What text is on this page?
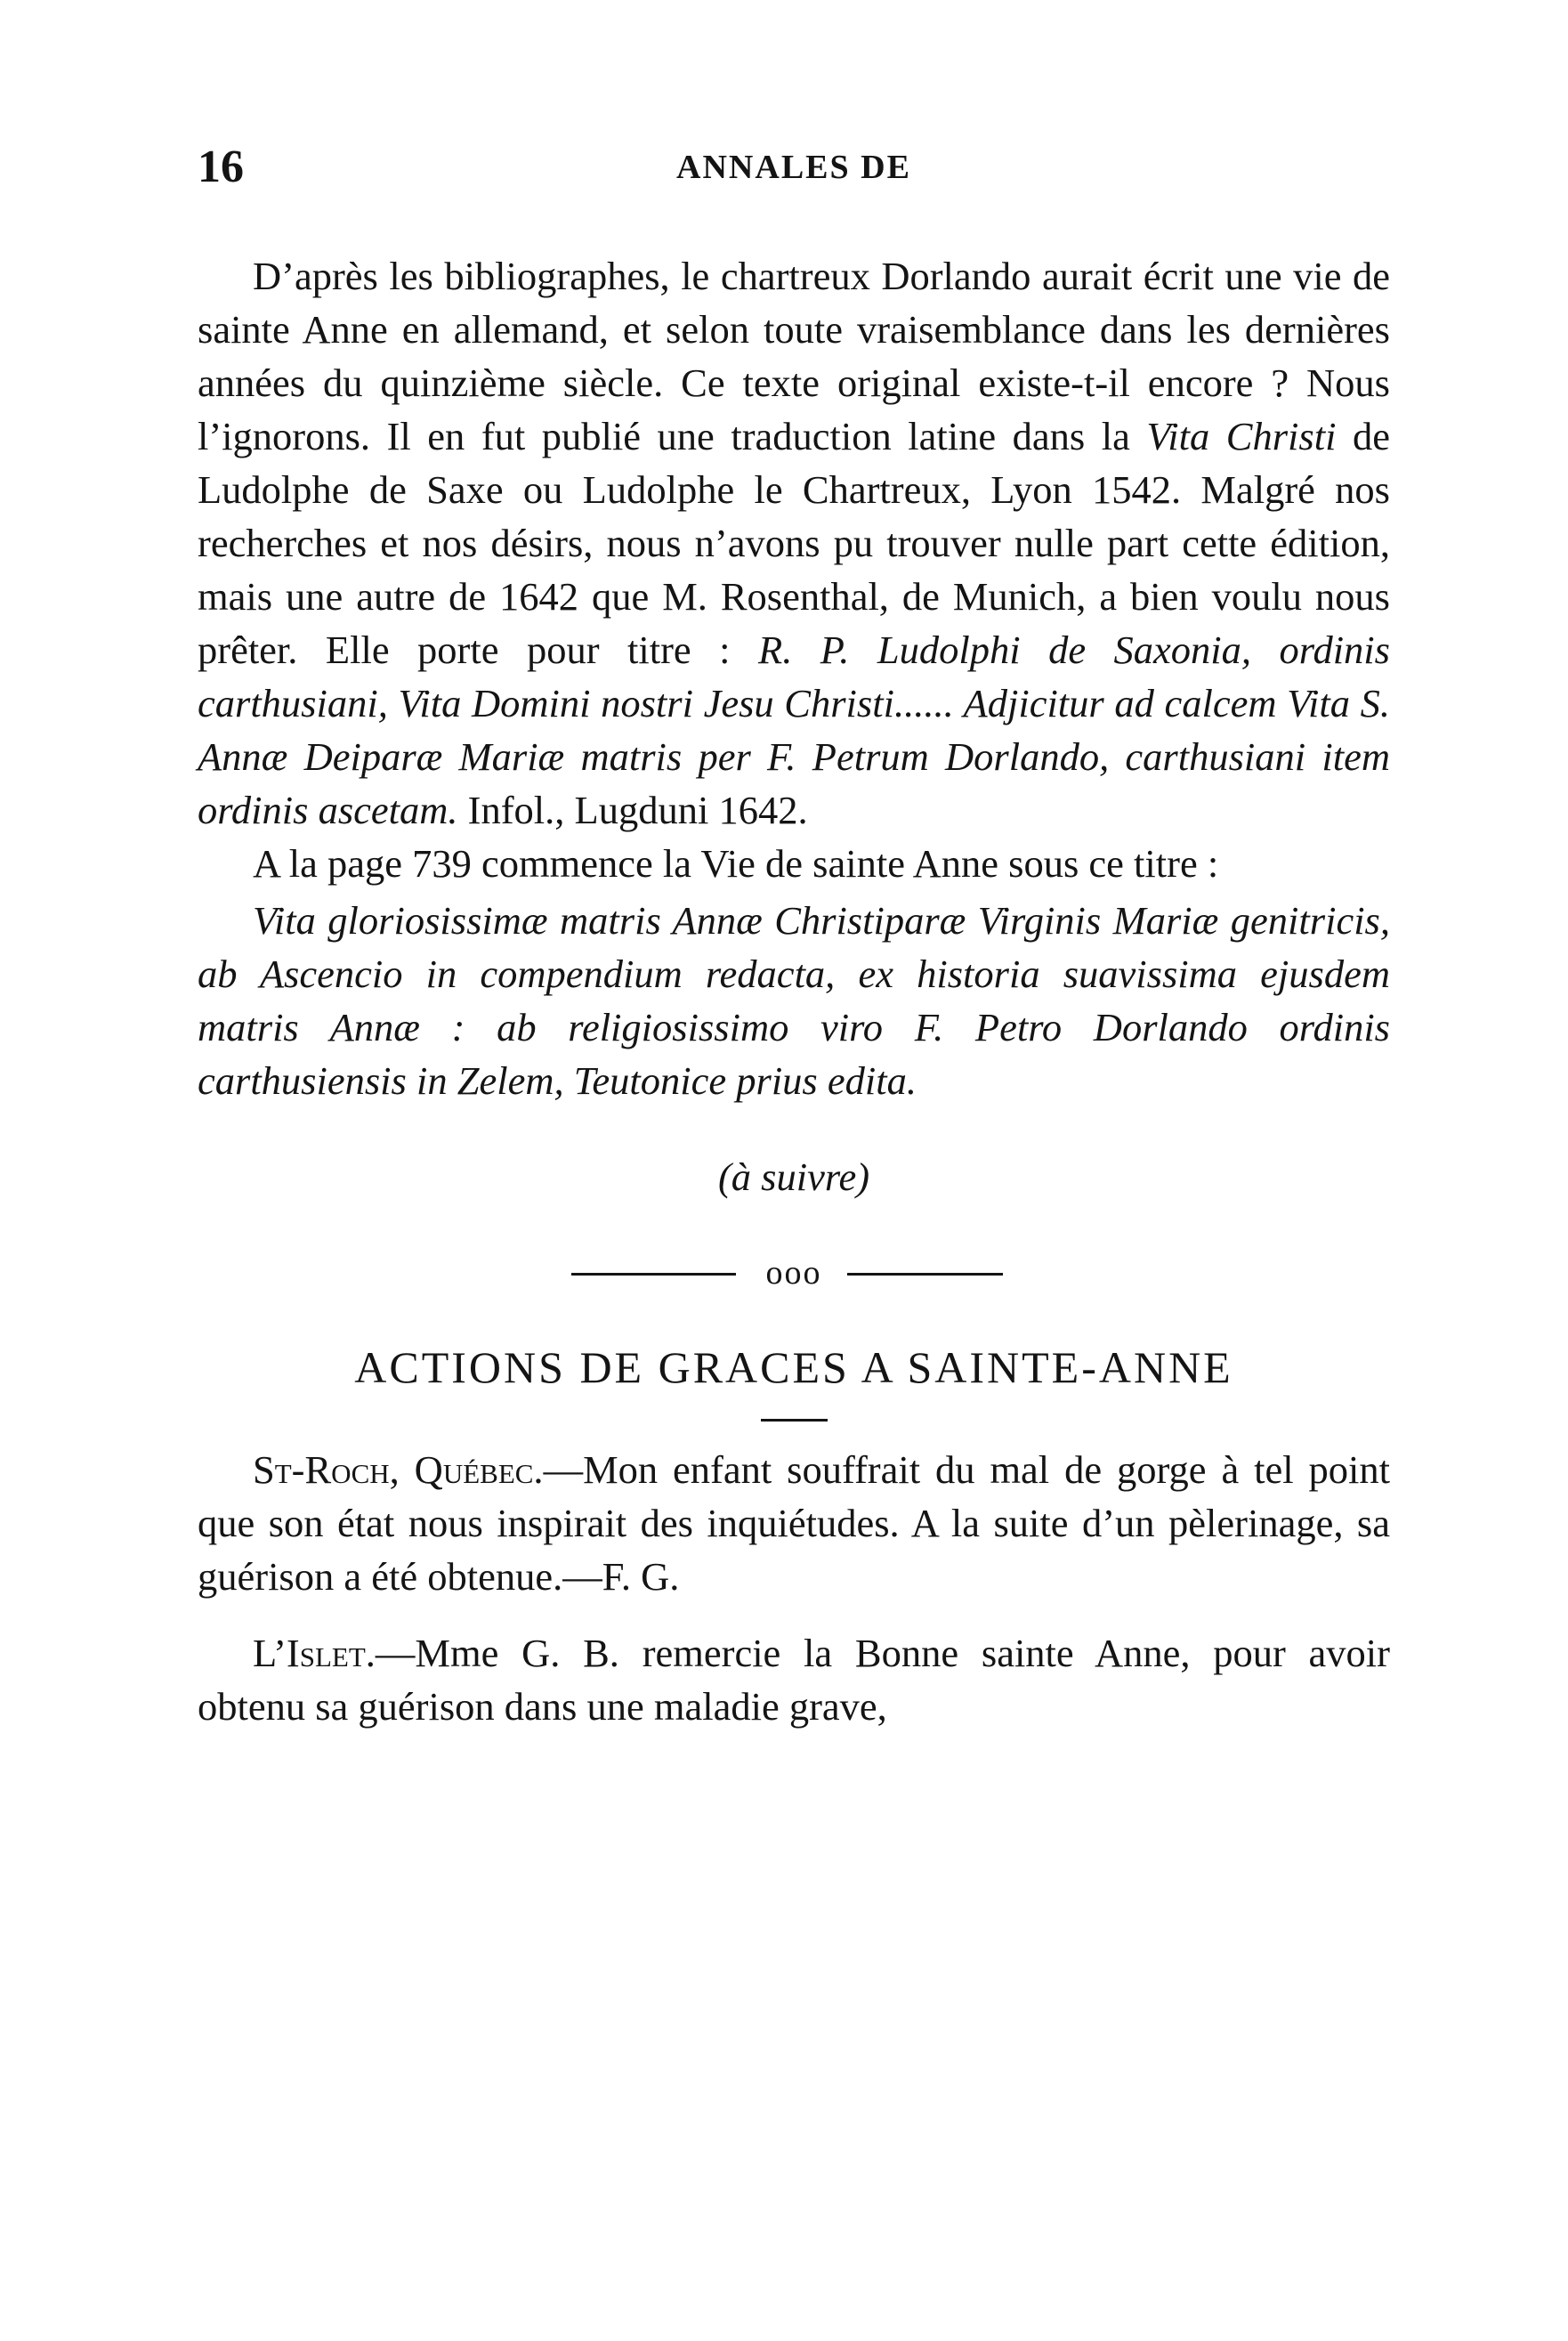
16	ANNALES DE

D’après les bibliographes, le chartreux Dorlando aurait écrit une vie de sainte Anne en allemand, et selon toute vraisemblance dans les dernières années du quinzième siècle. Ce texte original existe-t-il encore ? Nous l’ignorons. Il en fut publié une traduction latine dans la Vita Christi de Ludolphe de Saxe ou Ludolphe le Chartreux, Lyon 1542. Malgré nos recherches et nos désirs, nous n’avons pu trouver nulle part cette édition, mais une autre de 1642 que M. Rosenthal, de Munich, a bien voulu nous prêter. Elle porte pour titre : R. P. Ludolphi de Saxonia, ordinis carthusiani, Vita Domini nostri Jesu Christi...... Adjicitur ad calcem Vita S. Annæ Deiparæ Mariæ matris per F. Petrum Dorlando, carthusiani item ordinis ascetam. Infol., Lugduni 1642.

A la page 739 commence la Vie de sainte Anne sous ce titre :

Vita gloriosissimæ matris Annæ Christiparæ Virginis Mariæ genitricis, ab Ascencio in compendium redacta, ex historia suavissima ejusdem matris Annæ : ab religiosissimo viro F. Petro Dorlando ordinis carthusiensis in Zelem, Teutonice prius edita.

(à suivre)
ooo
ACTIONS DE GRACES A SAINTE-ANNE

St-Roch, Québec.—Mon enfant souffrait du mal de gorge à tel point que son état nous inspirait des inquiétudes. A la suite d’un pèlerinage, sa guérison a été obtenue.—F. G.

L’Islet.—Mme G. B. remercie la Bonne sainte Anne, pour avoir obtenu sa guérison dans une maladie grave,
